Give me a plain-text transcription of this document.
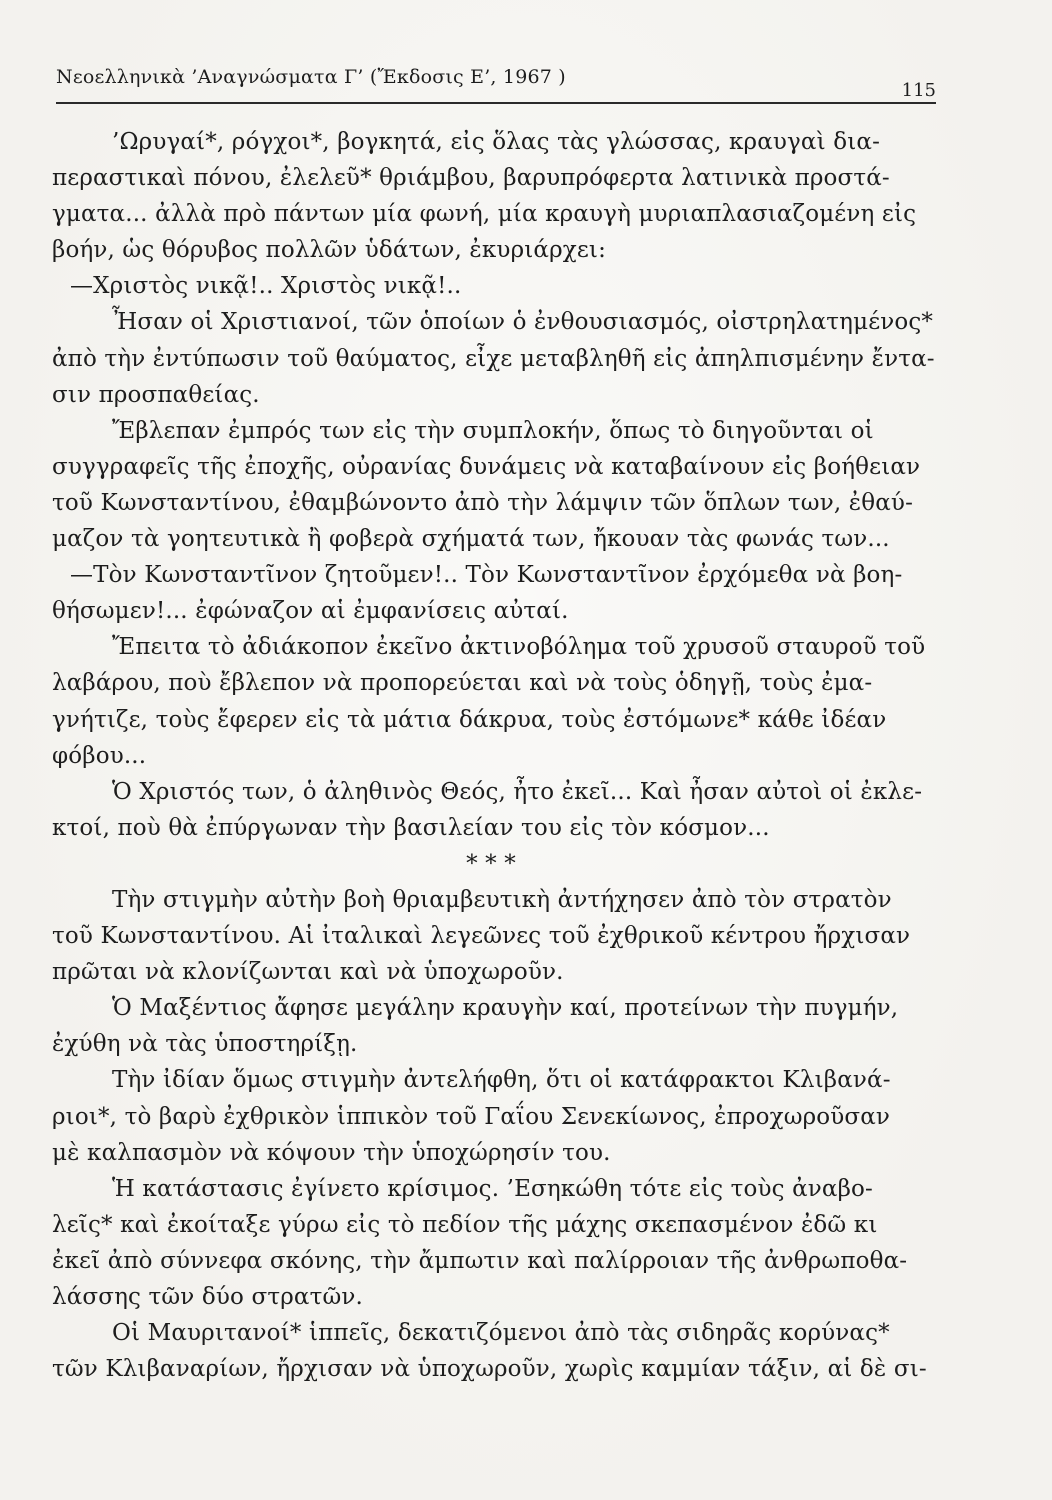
Νεοελληνικὰ ’Αναγνώσματα Γ’ (Ἔκδοσις Ε’, 1967 )
115
’Ωρυγαί*, ρόγχοι*, βογκητά, εἰς ὅλας τὰς γλώσσας, κραυγαὶ δια-
περαστικαὶ πόνου, ἐλελεῦ* θριάμβου, βαρυπρόφερτα λατινικὰ προστά-
γματα... ἀλλὰ πρὸ πάντων μία φωνή, μία κραυγὴ μυριαπλασιαζομένη εἰς
βοήν, ὡς θόρυβος πολλῶν ὑδάτων, ἐκυριάρχει:
—Χριστὸς νικᾷ!.. Χριστὸς νικᾷ!..
Ἦσαν οἱ Χριστιανοί, τῶν ὁποίων ὁ ἐνθουσιασμός, οἰστρηλατημένος*
ἀπὸ τὴν ἐντύπωσιν τοῦ θαύματος, εἶχε μεταβληθῆ εἰς ἀπηλπισμένην ἔντα-
σιν προσπαθείας.
Ἔβλεπαν ἐμπρός των εἰς τὴν συμπλοκήν, ὅπως τὸ διηγοῦνται οἱ
συγγραφεῖς τῆς ἐποχῆς, οὐρανίας δυνάμεις νὰ καταβαίνουν εἰς βοήθειαν
τοῦ Κωνσταντίνου, ἐθαμβώνοντο ἀπὸ τὴν λάμψιν τῶν ὅπλων των, ἐθαύ-
μαζον τὰ γοητευτικὰ ἢ φοβερὰ σχήματά των, ἤκουαν τὰς φωνάς των...
—Τὸν Κωνσταντῖνον ζητοῦμεν!.. Τὸν Κωνσταντῖνον ἐρχόμεθα νὰ βοη-
θήσωμεν!... ἐφώναζον αἱ ἐμφανίσεις αὐταί.
Ἔπειτα τὸ ἀδιάκοπον ἐκεῖνο ἀκτινοβόλημα τοῦ χρυσοῦ σταυροῦ τοῦ
λαβάρου, ποὺ ἔβλεπον νὰ προπορεύεται καὶ νὰ τοὺς ὁδηγῇ, τοὺς ἐμα-
γνήτιζε, τοὺς ἔφερεν εἰς τὰ μάτια δάκρυα, τοὺς ἐστόμωνε* κάθε ἰδέαν
φόβου...
Ὁ Χριστός των, ὁ ἀληθινὸς Θεός, ἦτο ἐκεῖ... Καὶ ἦσαν αὐτοὶ οἱ ἐκλε-
κτοί, ποὺ θὰ ἐπύργωναν τὴν βασιλείαν του εἰς τὸν κόσμον...
* * *
Τὴν στιγμὴν αὐτὴν βοὴ θριαμβευτικὴ ἀντήχησεν ἀπὸ τὸν στρατὸν
τοῦ Κωνσταντίνου. Αἱ ἰταλικαὶ λεγεῶνες τοῦ ἐχθρικοῦ κέντρου ἤρχισαν
πρῶται νὰ κλονίζωνται καὶ νὰ ὑποχωροῦν.
Ὁ Μαξέντιος ἄφησε μεγάλην κραυγὴν καί, προτείνων τὴν πυγμήν,
ἐχύθη νὰ τὰς ὑποστηρίξῃ.
Τὴν ἰδίαν ὅμως στιγμὴν ἀντελήφθη, ὅτι οἱ κατάφρακτοι Κλιβανά-
ριοι*, τὸ βαρὺ ἐχθρικὸν ἱππικὸν τοῦ Γαΐου Σενεκίωνος, ἐπροχωροῦσαν
μὲ καλπασμὸν νὰ κόψουν τὴν ὑποχώρησίν του.
Ἡ κατάστασις ἐγίνετο κρίσιμος. ’Εσηκώθη τότε εἰς τοὺς ἀναβο-
λεῖς* καὶ ἐκοίταξε γύρω εἰς τὸ πεδίον τῆς μάχης σκεπασμένον ἐδῶ κι
ἐκεῖ ἀπὸ σύννεφα σκόνης, τὴν ἄμπωτιν καὶ παλίρροιαν τῆς ἀνθρωποθα-
λάσσης τῶν δύο στρατῶν.
Οἱ Μαυριτανοί* ἱππεῖς, δεκατιζόμενοι ἀπὸ τὰς σιδηρᾶς κορύνας*
τῶν Κλιβαναρίων, ἤρχισαν νὰ ὑποχωροῦν, χωρὶς καμμίαν τάξιν, αἱ δὲ σι-
